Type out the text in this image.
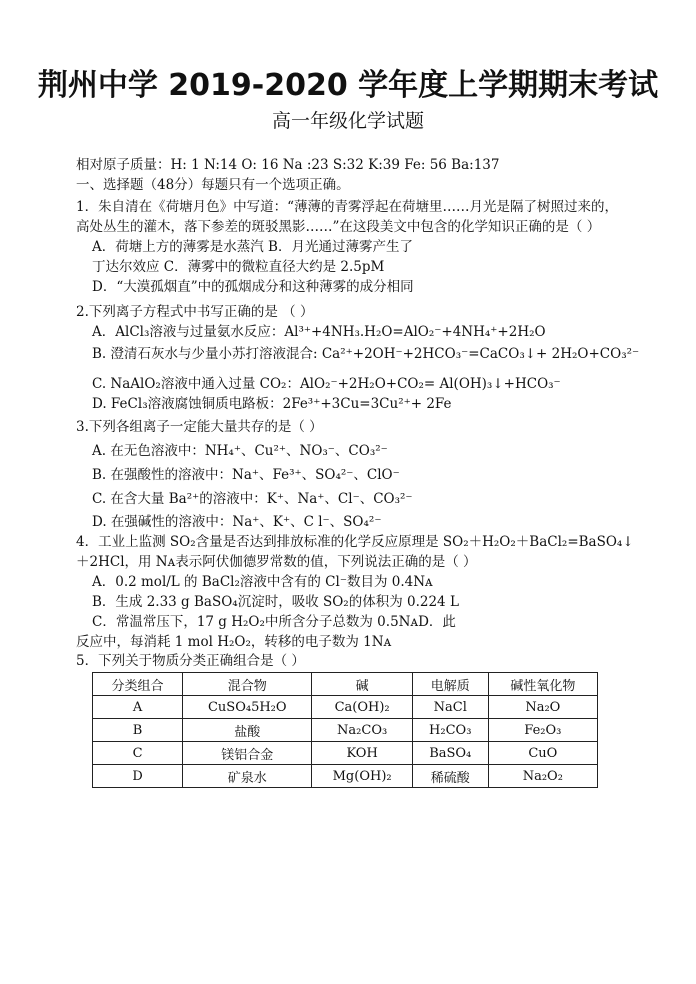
荆州中学 2019-2020 学年度上学期期末考试
高一年级化学试题
相对原子质量：H: 1 N:14 O: 16 Na :23 S:32 K:39 Fe: 56 Ba:137
一、选择题（48分）每题只有一个选项正确。
1．朱自清在《荷塘月色》中写道：“薄薄的青雾浮起在荷塘里……月光是隔了树照过来的，
高处丛生的灌木，落下参差的斑驳黑影……”在这段美文中包含的化学知识正确的是（ ）
A．荷塘上方的薄雾是水蒸汽 B．月光通过薄雾产生了
丁达尔效应 C．薄雾中的微粒直径大约是 2.5pM
D．“大漠孤烟直”中的孤烟成分和这种薄雾的成分相同
2.下列离子方程式中书写正确的是 （ ）
A．AlCl₃溶液与过量氨水反应：Al³⁺+4NH₃.H₂O=AlO₂⁻+4NH₄⁺+2H₂O
B. 澄清石灰水与少量小苏打溶液混合: Ca²⁺+2OH⁻+2HCO₃⁻=CaCO₃↓+ 2H₂O+CO₃²⁻
C. NaAlO₂溶液中通入过量 CO₂：AlO₂⁻+2H₂O+CO₂= Al(OH)₃↓+HCO₃⁻
D. FeCl₃溶液腐蚀铜质电路板：2Fe³⁺+3Cu=3Cu²⁺+ 2Fe
3.下列各组离子一定能大量共存的是（ ）
A. 在无色溶液中：NH₄⁺、Cu²⁺、NO₃⁻、CO₃²⁻
B. 在强酸性的溶液中：Na⁺、Fe³⁺、SO₄²⁻、ClO⁻
C. 在含大量 Ba²⁺的溶液中：K⁺、Na⁺、Cl⁻、CO₃²⁻
D. 在强碱性的溶液中：Na⁺、K⁺、C l⁻、SO₄²⁻
4．工业上监测 SO₂含量是否达到排放标准的化学反应原理是 SO₂＋H₂O₂＋BaCl₂=BaSO₄↓
＋2HCl，用 Nᴀ表示阿伏伽德罗常数的值，下列说法正确的是（ ）
A．0.2 mol/L 的 BaCl₂溶液中含有的 Cl⁻数目为 0.4Nᴀ
B．生成 2.33 g BaSO₄沉淀时，吸收 SO₂的体积为 0.224 L
C．常温常压下，17 g H₂O₂中所含分子总数为 0.5NᴀD．此
反应中，每消耗 1 mol H₂O₂，转移的电子数为 1Nᴀ
5．下列关于物质分类正确组合是（ ）
分类组合	混合物	碱	电解质	碱性氧化物
A	CuSO₄5H₂O	Ca(OH)₂	NaCl	Na₂O
B	盐酸	Na₂CO₃	H₂CO₃	Fe₂O₃
C	镁铝合金	KOH	BaSO₄	CuO
D	矿泉水	Mg(OH)₂	稀硫酸	Na₂O₂
